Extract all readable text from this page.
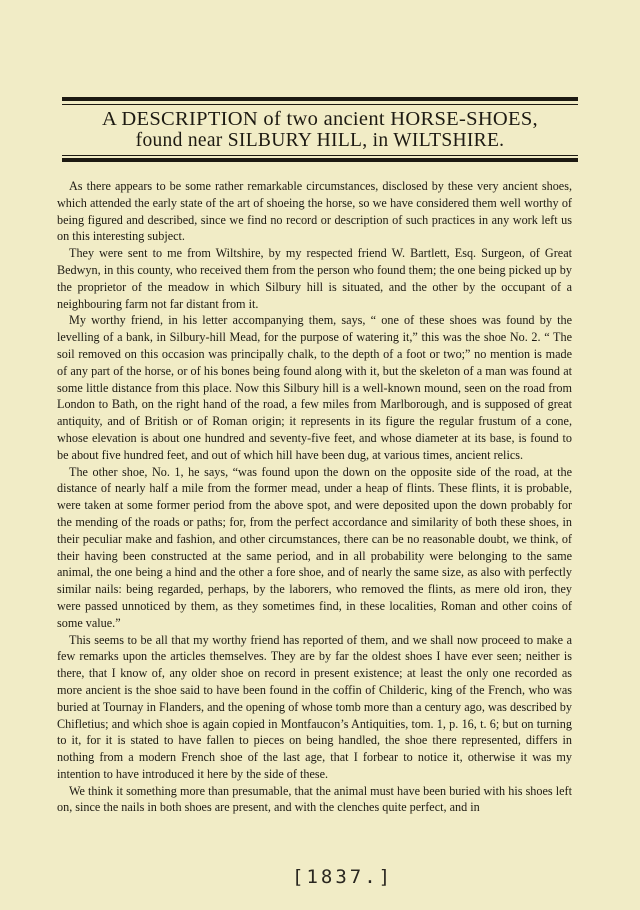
A DESCRIPTION of two ancient HORSE-SHOES,
found near SILBURY HILL, in WILTSHIRE.

As there appears to be some rather remarkable circumstances, disclosed by these very ancient shoes, which attended the early state of the art of shoeing the horse, so we have considered them well worthy of being figured and described, since we find no record or description of such practices in any work left us on this interesting subject.

They were sent to me from Wiltshire, by my respected friend W. Bartlett, Esq. Surgeon, of Great Bedwyn, in this county, who received them from the person who found them; the one being picked up by the proprietor of the meadow in which Silbury hill is situated, and the other by the occupant of a neighbouring farm not far distant from it.

My worthy friend, in his letter accompanying them, says, “ one of these shoes was found by the levelling of a bank, in Silbury-hill Mead, for the purpose of watering it,” this was the shoe No. 2. “ The soil removed on this occasion was principally chalk, to the depth of a foot or two;” no mention is made of any part of the horse, or of his bones being found along with it, but the skeleton of a man was found at some little distance from this place. Now this Silbury hill is a well-known mound, seen on the road from London to Bath, on the right hand of the road, a few miles from Marlborough, and is supposed of great antiquity, and of British or of Roman origin; it represents in its figure the regular frustum of a cone, whose elevation is about one hundred and seventy-five feet, and whose diameter at its base, is found to be about five hundred feet, and out of which hill have been dug, at various times, ancient relics.

The other shoe, No. 1, he says, “was found upon the down on the opposite side of the road, at the distance of nearly half a mile from the former mead, under a heap of flints. These flints, it is probable, were taken at some former period from the above spot, and were deposited upon the down probably for the mending of the roads or paths; for, from the perfect accordance and similarity of both these shoes, in their peculiar make and fashion, and other circumstances, there can be no reasonable doubt, we think, of their having been constructed at the same period, and in all probability were belonging to the same animal, the one being a hind and the other a fore shoe, and of nearly the same size, as also with perfectly similar nails: being regarded, perhaps, by the laborers, who removed the flints, as mere old iron, they were passed unnoticed by them, as they sometimes find, in these localities, Roman and other coins of some value.”

This seems to be all that my worthy friend has reported of them, and we shall now proceed to make a few remarks upon the articles themselves. They are by far the oldest shoes I have ever seen; neither is there, that I know of, any older shoe on record in present existence; at least the only one recorded as more ancient is the shoe said to have been found in the coffin of Childeric, king of the French, who was buried at Tournay in Flanders, and the opening of whose tomb more than a century ago, was described by Chifletius; and which shoe is again copied in Montfaucon’s Antiquities, tom. 1, p. 16, t. 6; but on turning to it, for it is stated to have fallen to pieces on being handled, the shoe there represented, differs in nothing from a modern French shoe of the last age, that I forbear to notice it, otherwise it was my intention to have introduced it here by the side of these.

We think it something more than presumable, that the animal must have been buried with his shoes left on, since the nails in both shoes are present, and with the clenches quite perfect, and in

[1837.]
